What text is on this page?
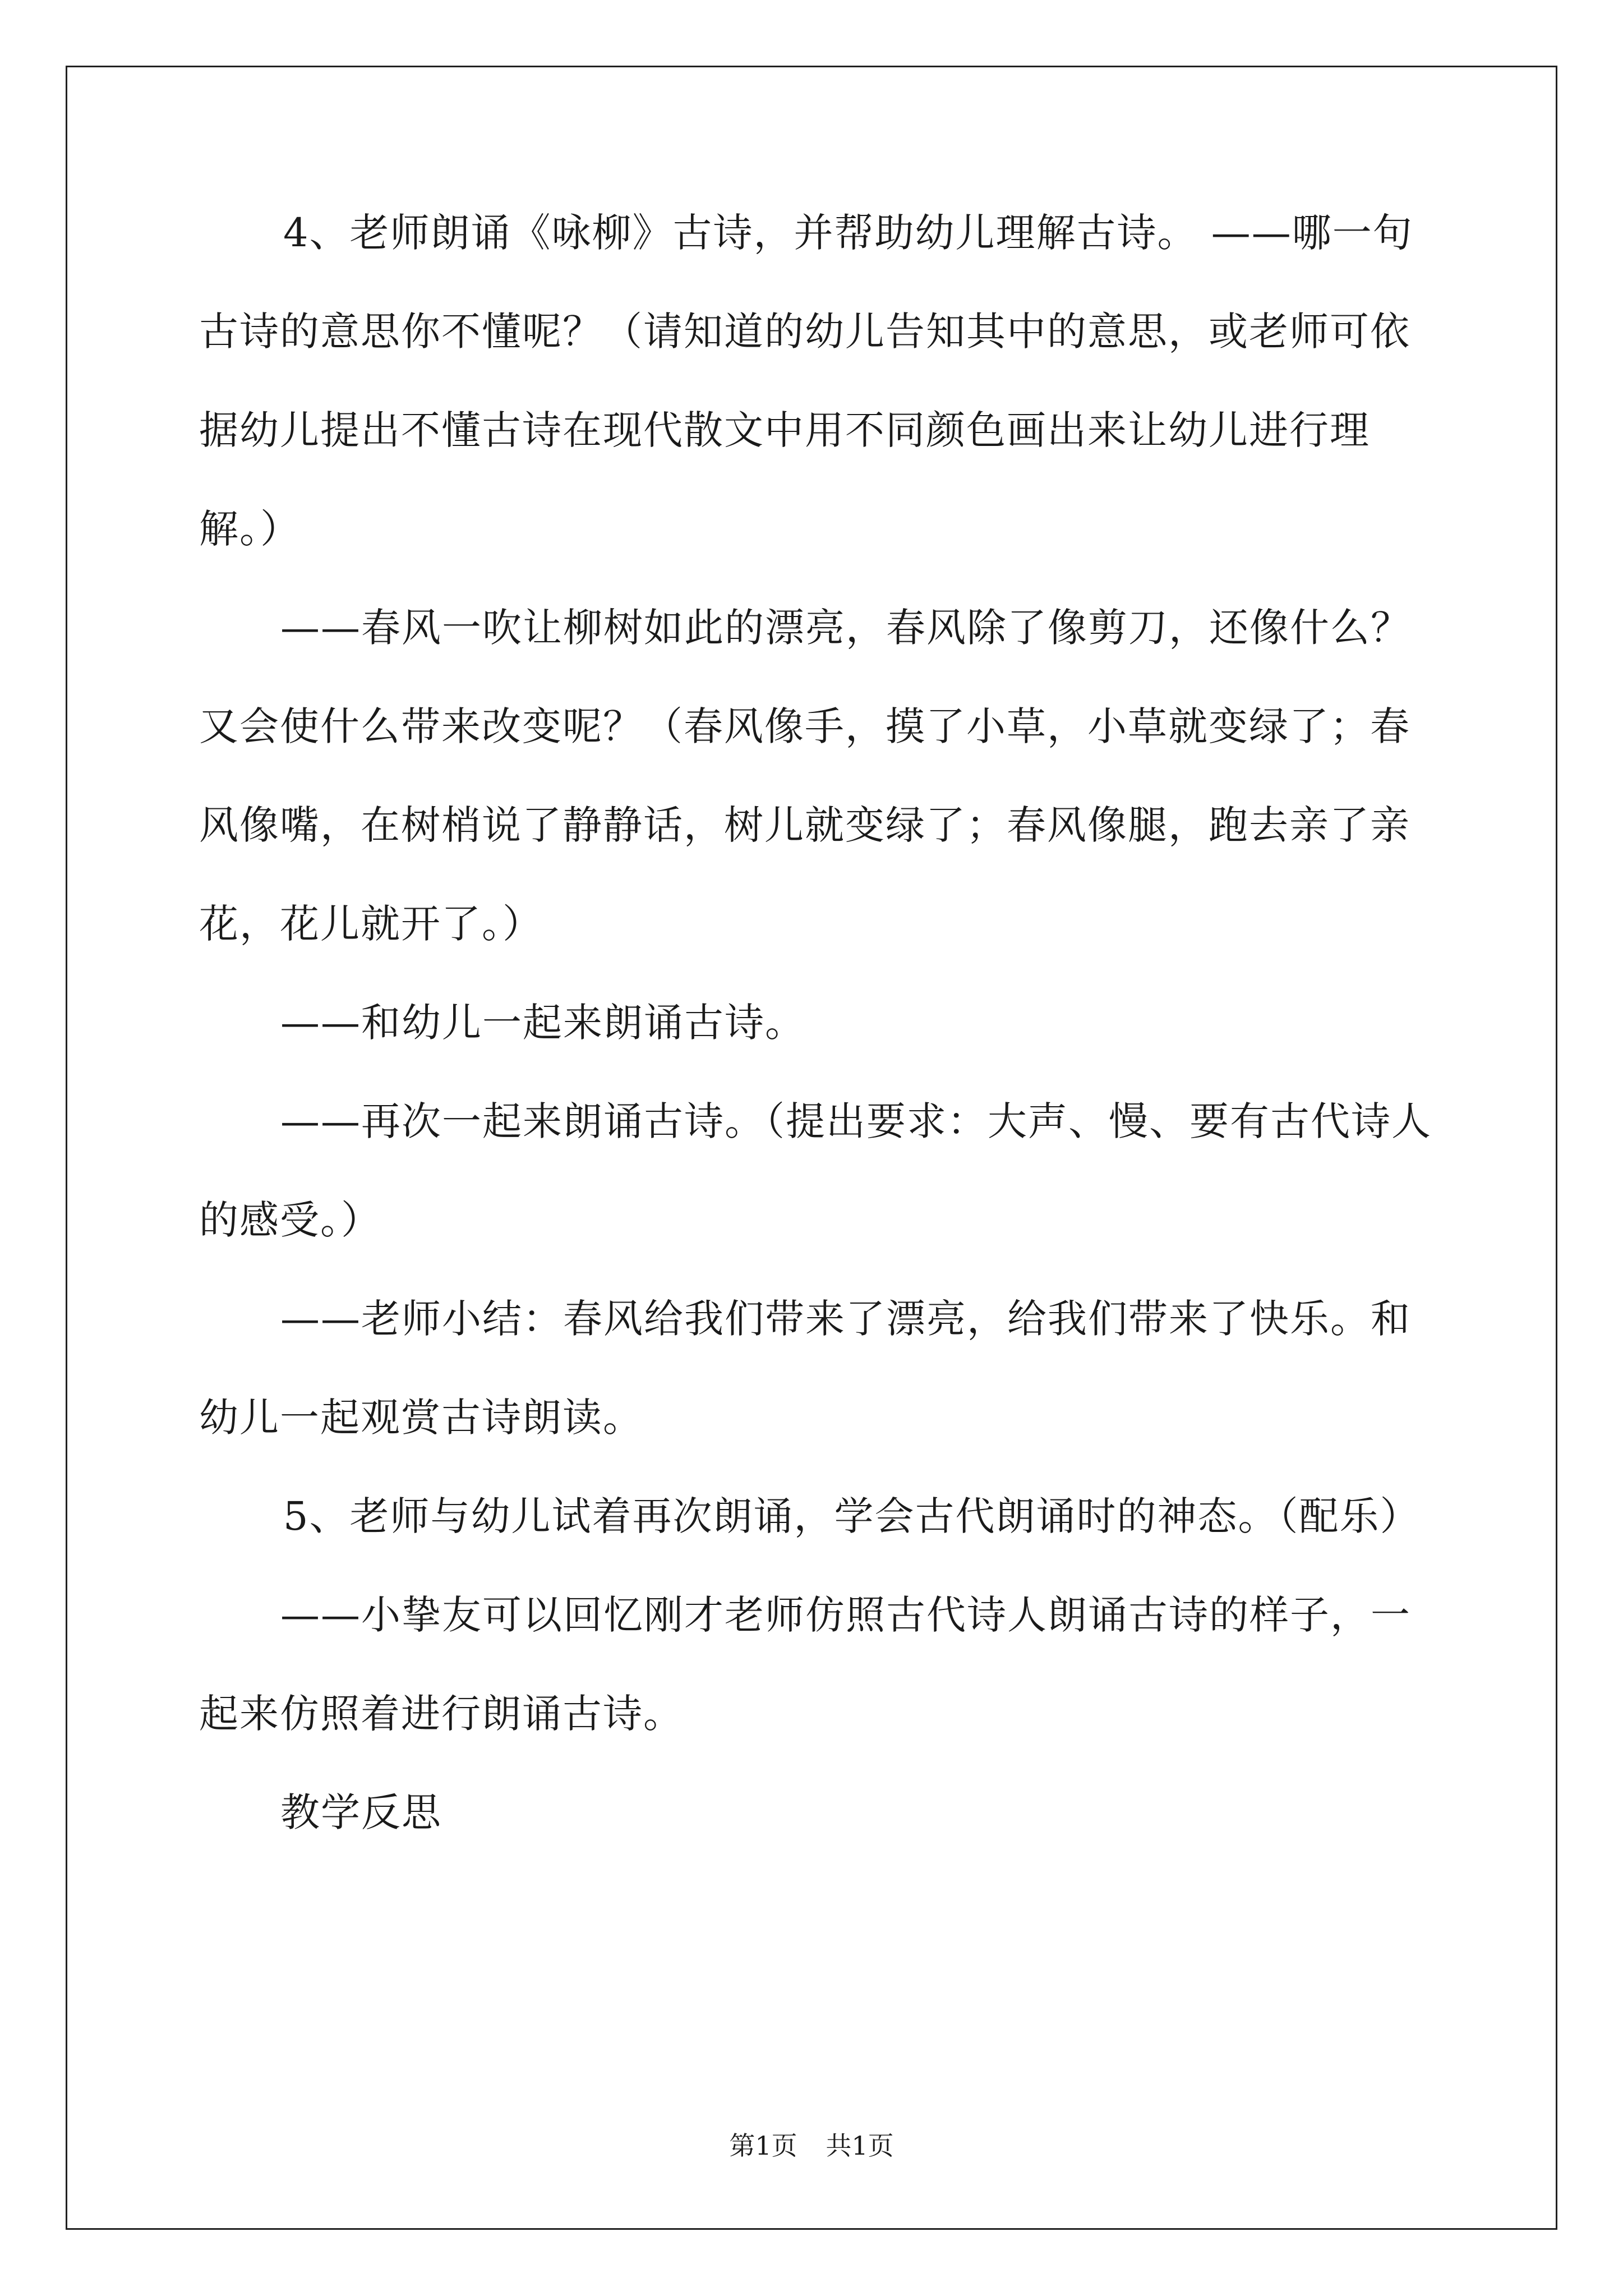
4、老师朗诵《咏柳》古诗，并帮助幼儿理解古诗。 ——哪一句
古诗的意思你不懂呢？（请知道的幼儿告知其中的意思，或老师可依
据幼儿提出不懂古诗在现代散文中用不同颜色画出来让幼儿进行理
解。）
——春风一吹让柳树如此的漂亮，春风除了像剪刀，还像什么？
又会使什么带来改变呢？（春风像手，摸了小草，小草就变绿了；春
风像嘴，在树梢说了静静话，树儿就变绿了；春风像腿，跑去亲了亲
花，花儿就开了。）
——和幼儿一起来朗诵古诗。
——再次一起来朗诵古诗。（提出要求：大声、慢、要有古代诗人
的感受。）
——老师小结：春风给我们带来了漂亮，给我们带来了快乐。和
幼儿一起观赏古诗朗读。
5、老师与幼儿试着再次朗诵，学会古代朗诵时的神态。（配乐）
——小挚友可以回忆刚才老师仿照古代诗人朗诵古诗的样子，一
起来仿照着进行朗诵古诗。
教学反思
第1页 共1页
